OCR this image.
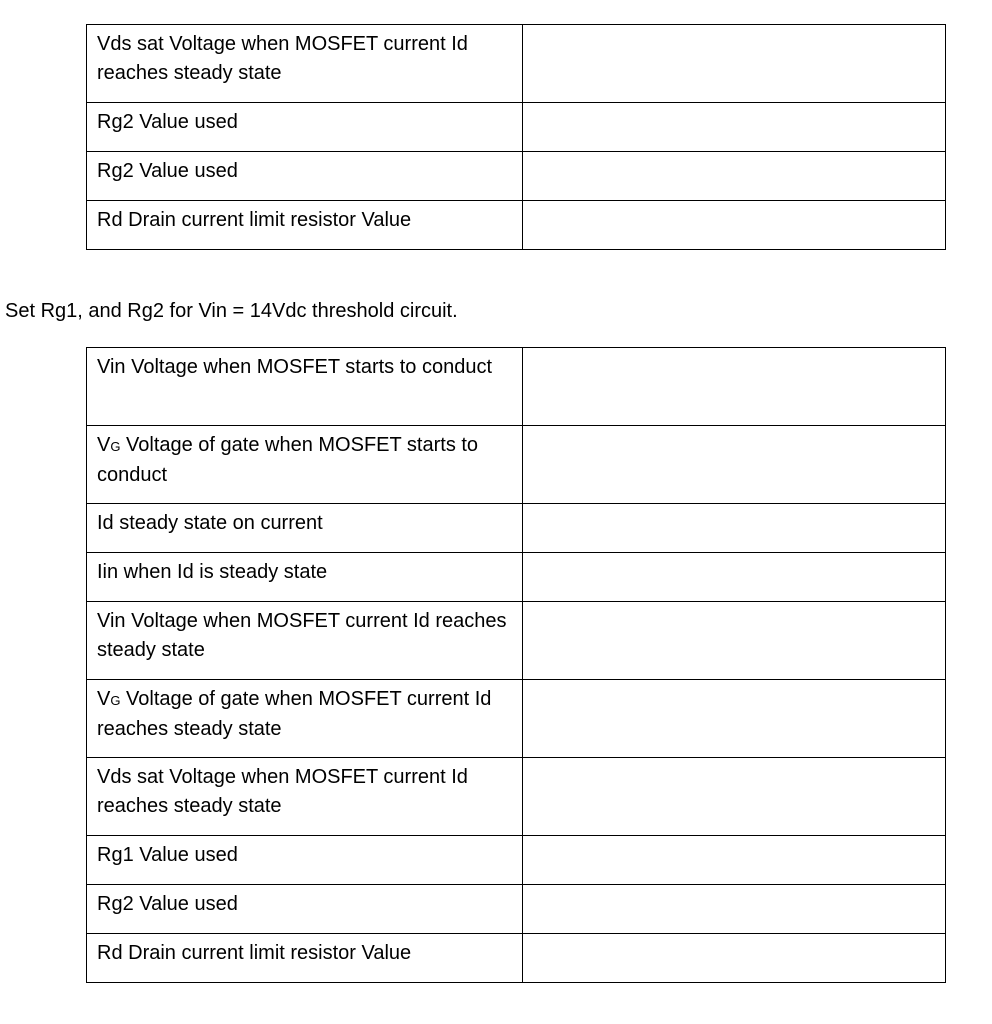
Vds sat Voltage when MOSFET current Id reaches steady state	
Rg2 Value used	
Rg2 Value used	
Rd Drain current limit resistor Value	
Set Rg1, and Rg2 for Vin = 14Vdc threshold circuit.
Vin Voltage when MOSFET starts to conduct	
VG Voltage of gate when MOSFET starts to conduct	
Id steady state on current	
Iin when Id is steady state	
Vin Voltage when MOSFET current Id reaches steady state	
VG Voltage of gate when MOSFET current Id reaches steady state	
Vds sat Voltage when MOSFET current Id reaches steady state	
Rg1 Value used	
Rg2 Value used	
Rd Drain current limit resistor Value	
